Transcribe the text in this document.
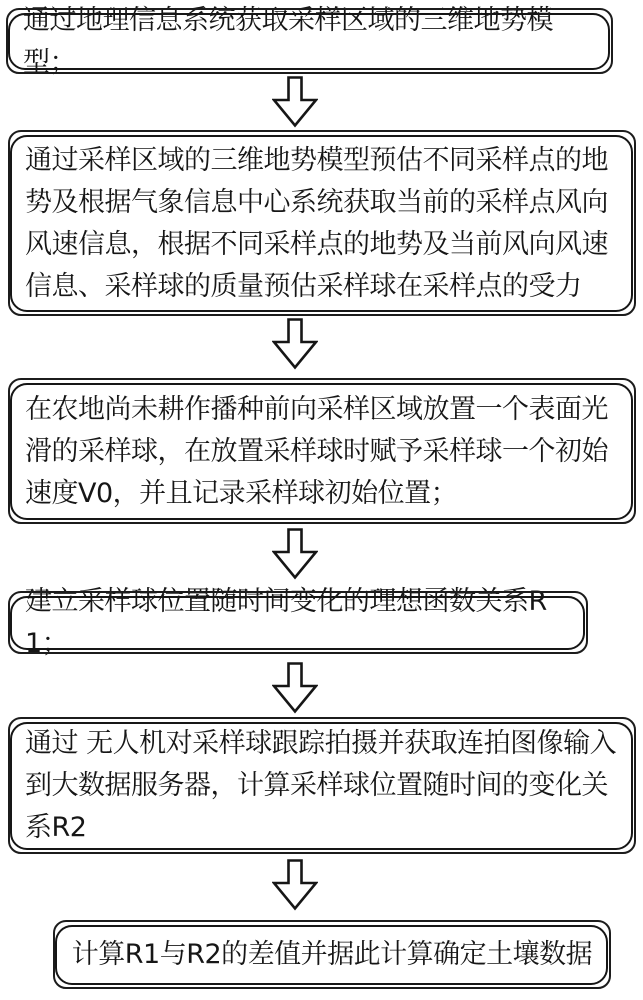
通过地理信息系统获取采样区域的三维地势模型；
通过采样区域的三维地势模型预估不同采样点的地势及根据气象信息中心系统获取当前的采样点风向风速信息，根据不同采样点的地势及当前风向风速信息、采样球的质量预估采样球在采样点的受力
在农地尚未耕作播种前向采样区域放置一个表面光滑的采样球，在放置采样球时赋予采样球一个初始速度V0，并且记录采样球初始位置；
建立采样球位置随时间变化的理想函数关系R1；
通过 无人机对采样球跟踪拍摄并获取连拍图像输入到大数据服务器，计算采样球位置随时间的变化关系R2
计算R1与R2的差值并据此计算确定土壤数据
